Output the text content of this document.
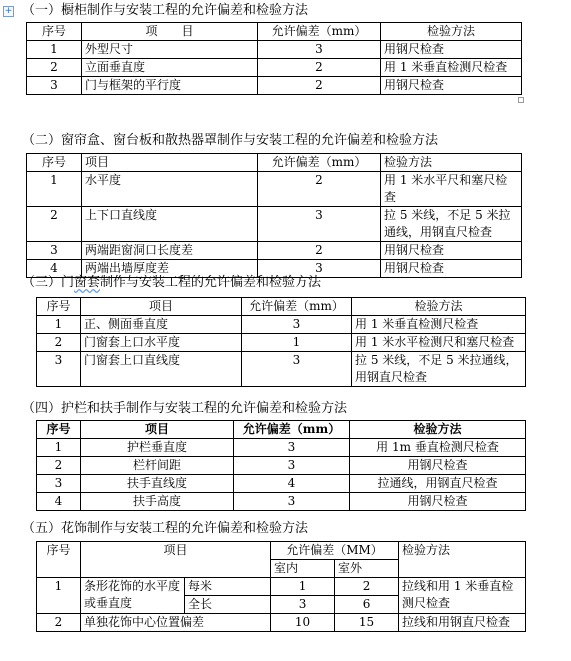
+ （一）橱柜制作与安装工程的允许偏差和检验方法
序号	项　　目	允许偏差（mm）	检验方法
1	外型尺寸	3	用钢尺检查
2	立面垂直度	2	用 1 米垂直检测尺检查
3	门与框架的平行度	2	用钢尺检查
（二）窗帘盒、窗台板和散热器罩制作与安装工程的允许偏差和检验方法
序号	项目	允许偏差（mm）	检验方法
1	水平度	2	用 1 米水平尺和塞尺检查
2	上下口直线度	3	拉 5 米线，不足 5 米拉通线，用钢直尺检查
3	两端距窗洞口长度差	2	用钢尺检查
4	两端出墙厚度差	3	用钢尺检查
（三）门窗套制作与安装工程的允许偏差和检验方法
序号	项目	允许偏差（mm）	检验方法
1	正、侧面垂直度	3	用 1 米垂直检测尺检查
2	门窗套上口水平度	1	用 1 米水平检测尺和塞尺检查
3	门窗套上口直线度	3	拉 5 米线，不足 5 米拉通线，用钢直尺检查
（四）护栏和扶手制作与安装工程的允许偏差和检验方法
序号	项目	允许偏差（mm）	检验方法
1	护栏垂直度	3	用 1m 垂直检测尺检查
2	栏杆间距	3	用钢尺检查
3	扶手直线度	4	拉通线，用钢直尺检查
4	扶手高度	3	用钢尺检查
（五）花饰制作与安装工程的允许偏差和检验方法
序号	项目		允许偏差（MM）		检验方法
			室内	室外	
1	条形花饰的水平度或垂直度	每米	1	2	拉线和用 1 米垂直检测尺检查
		全长	3	6	
2	单独花饰中心位置偏差		10	15	拉线和用钢直尺检查
